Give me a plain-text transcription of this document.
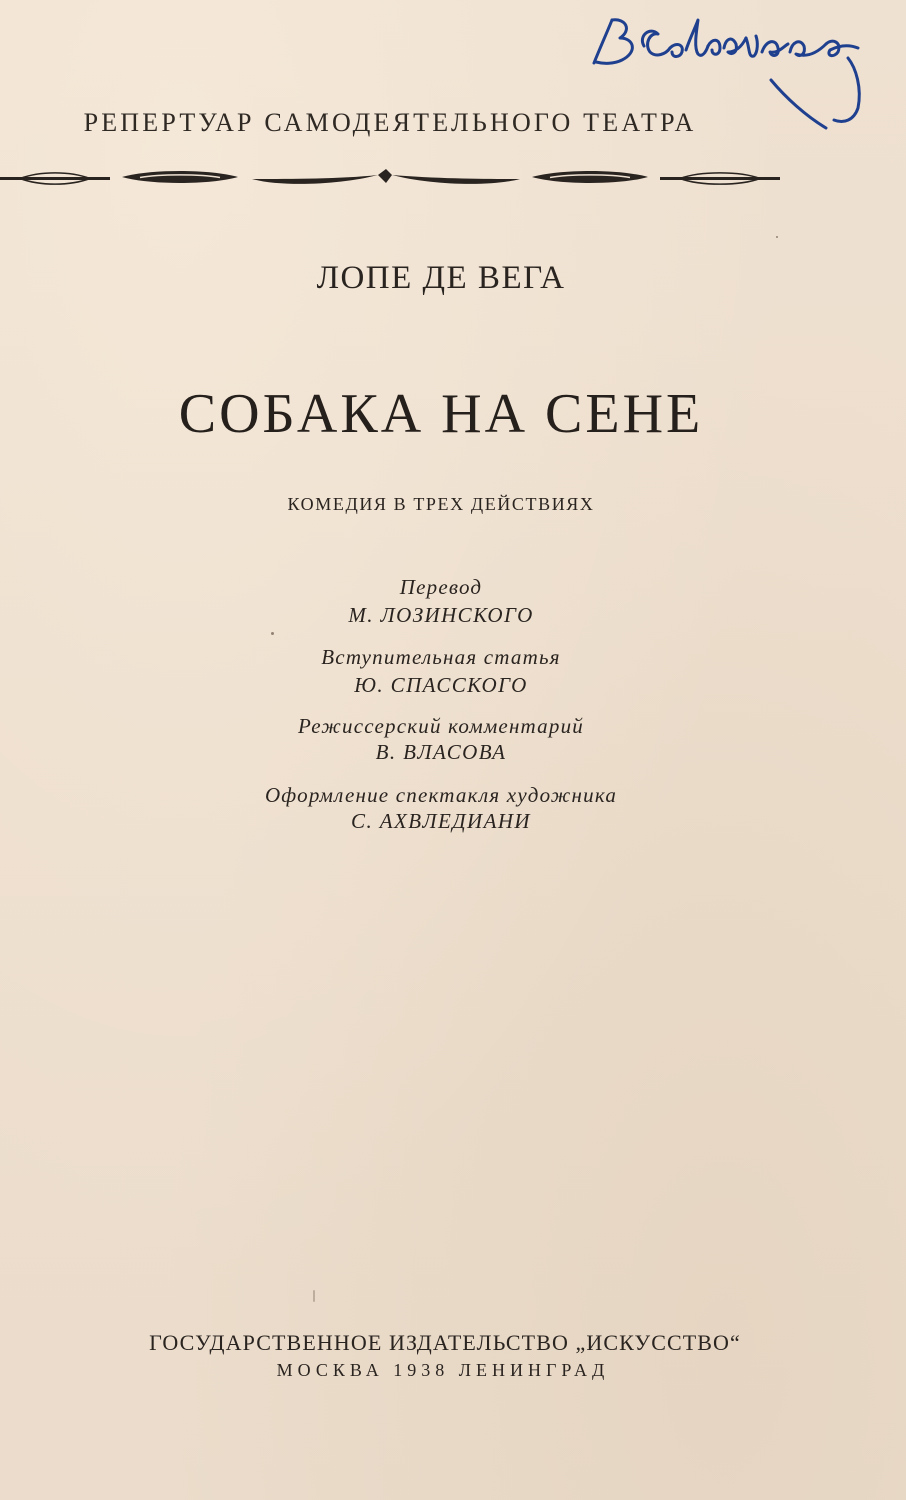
РЕПЕРТУАР САМОДЕЯТЕЛЬНОГО ТЕАТРА
ЛОПЕ ДЕ ВЕГА
СОБАКА НА СЕНЕ
КОМЕДИЯ В ТРЕХ ДЕЙСТВИЯХ
Перевод
М. ЛОЗИНСКОГО
Вступительная статья
Ю. СПАССКОГО
Режиссерский комментарий
В. ВЛАСОВА
Оформление спектакля художника
С. АХВЛЕДИАНИ
ГОСУДАРСТВЕННОЕ ИЗДАТЕЛЬСТВО „ИСКУССТВО“
МОСКВА 1938 ЛЕНИНГРАД
